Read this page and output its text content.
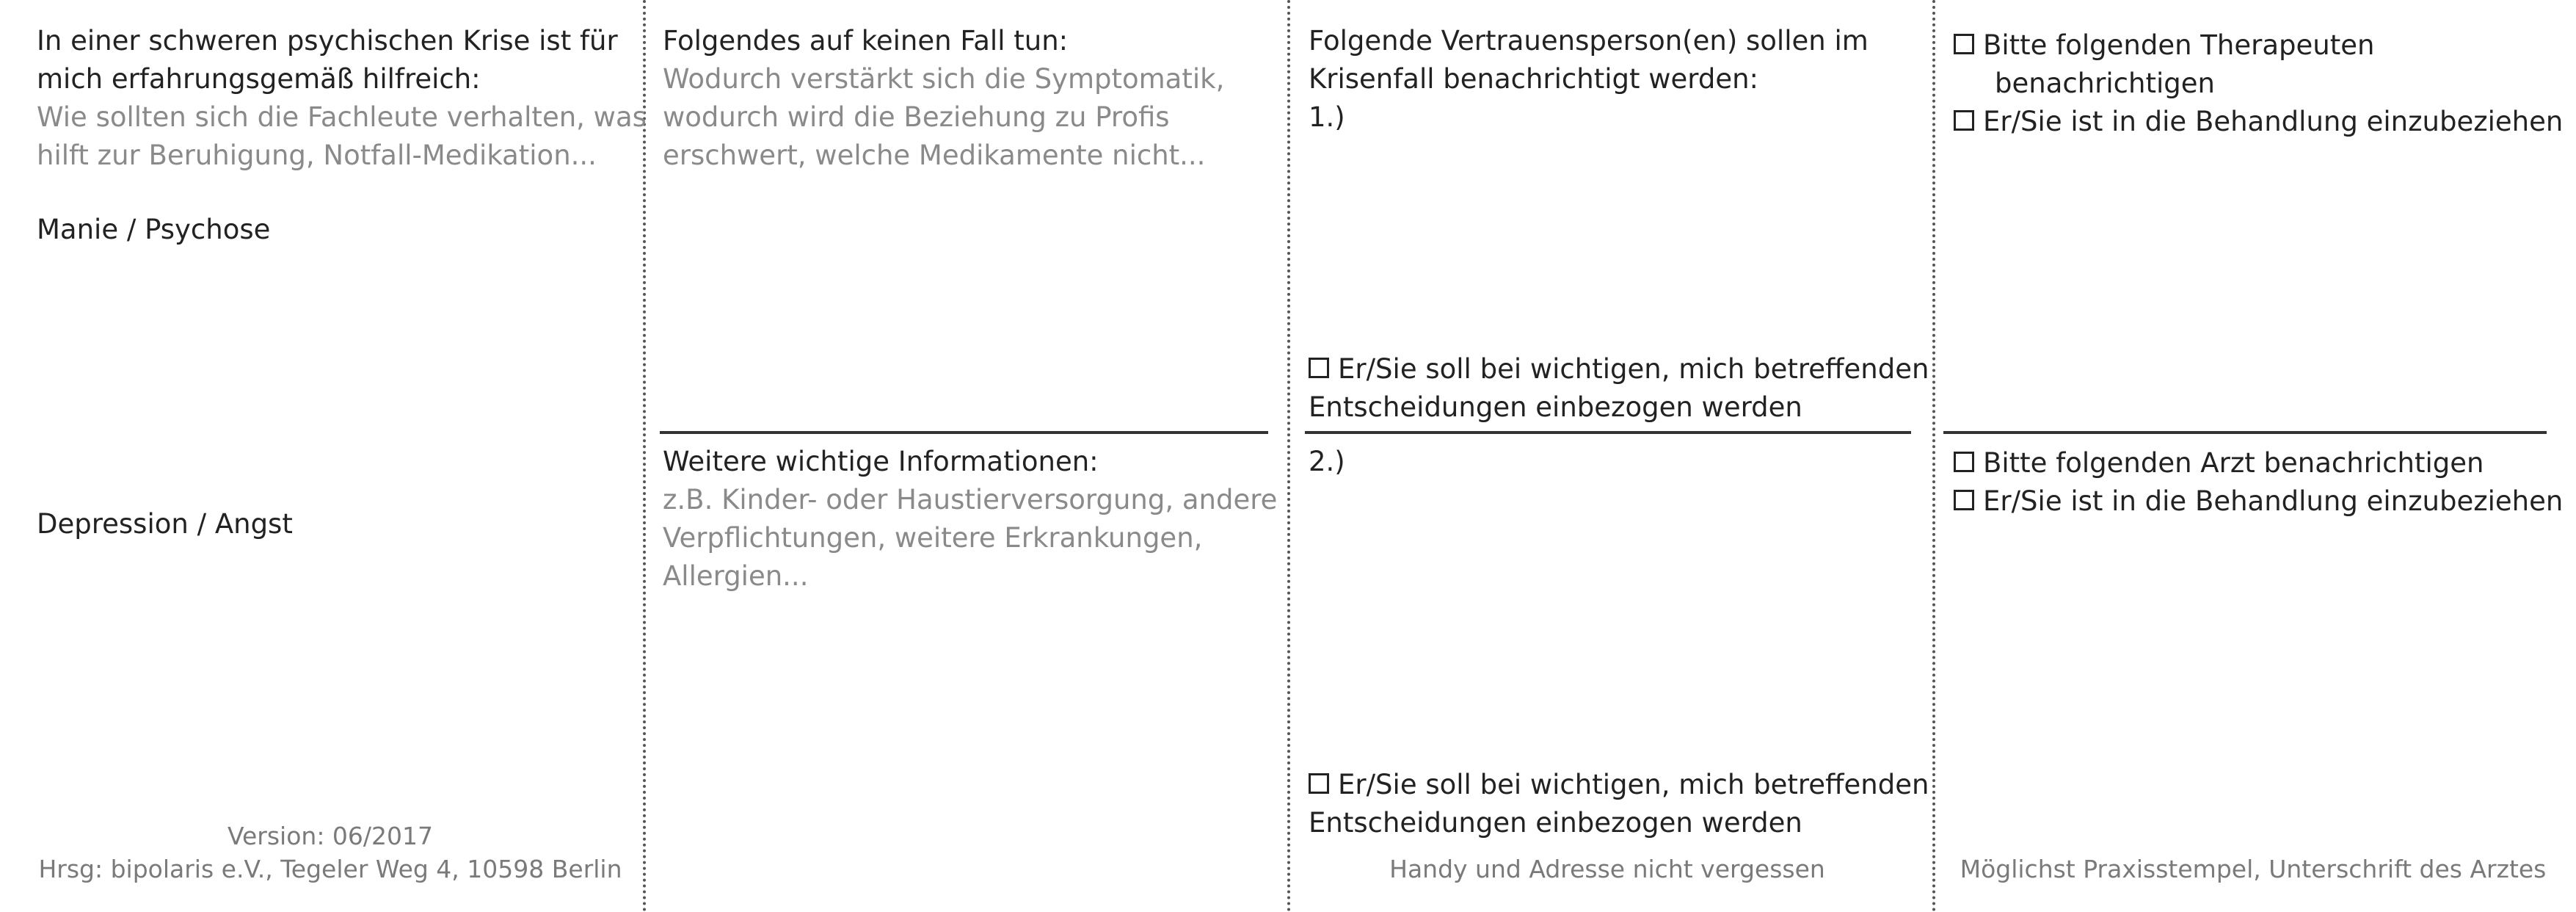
In einer schweren psychischen Krise ist für
mich erfahrungsgemäß hilfreich:
Wie sollten sich die Fachleute verhalten, was
hilft zur Beruhigung, Notfall-Medikation...
Manie / Psychose
Depression / Angst
Version: 06/2017
Hrsg: bipolaris e.V., Tegeler Weg 4, 10598 Berlin
Folgendes auf keinen Fall tun:
Wodurch verstärkt sich die Symptomatik,
wodurch wird die Beziehung zu Profis
erschwert, welche Medikamente nicht...
Weitere wichtige Informationen:
z.B. Kinder- oder Haustierversorgung, andere
Verpflichtungen, weitere Erkrankungen,
Allergien...
Folgende Vertrauensperson(en) sollen im
Krisenfall benachrichtigt werden:
1.)
Er/Sie soll bei wichtigen, mich betreffenden
Entscheidungen einbezogen werden
2.)
Er/Sie soll bei wichtigen, mich betreffenden
Entscheidungen einbezogen werden
Handy und Adresse nicht vergessen
Bitte folgenden Therapeuten
benachrichtigen
Er/Sie ist in die Behandlung einzubeziehen
Bitte folgenden Arzt benachrichtigen
Er/Sie ist in die Behandlung einzubeziehen
Möglichst Praxisstempel, Unterschrift des Arztes
